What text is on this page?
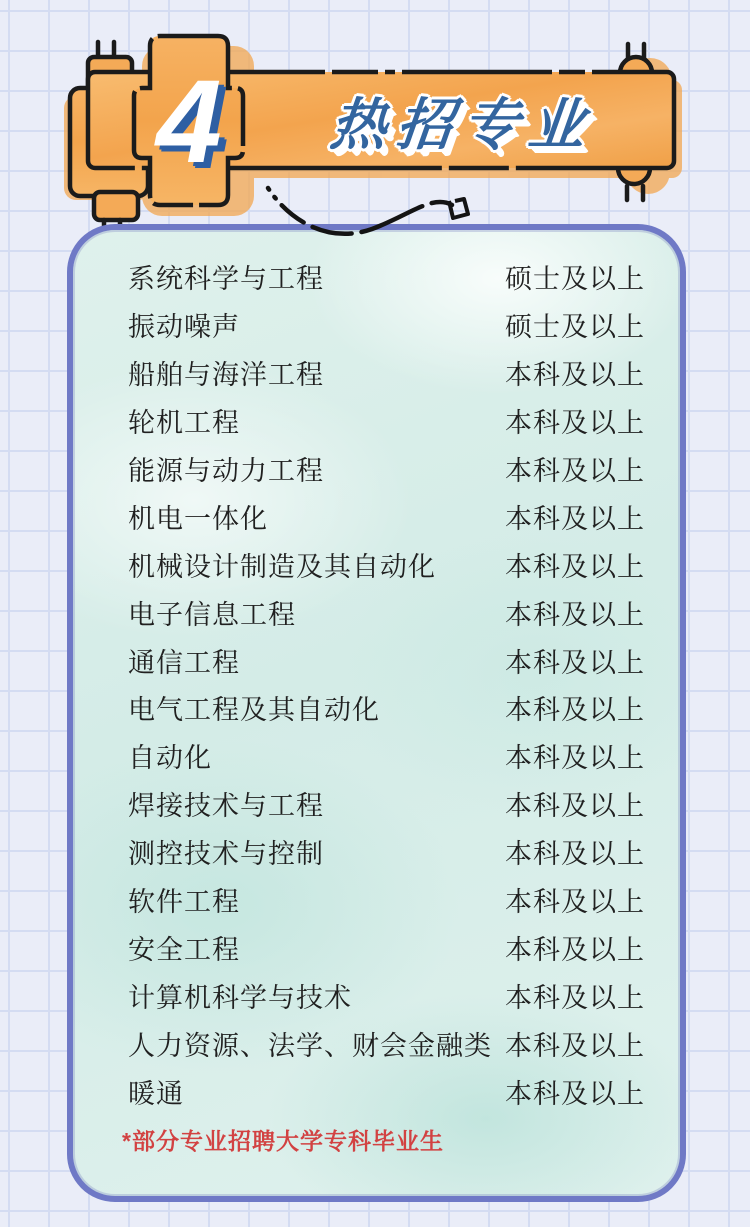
4	热招专业
系统科学与工程	硕士及以上
振动噪声	硕士及以上
船舶与海洋工程	本科及以上
轮机工程	本科及以上
能源与动力工程	本科及以上
机电一体化	本科及以上
机械设计制造及其自动化	本科及以上
电子信息工程	本科及以上
通信工程	本科及以上
电气工程及其自动化	本科及以上
自动化	本科及以上
焊接技术与工程	本科及以上
测控技术与控制	本科及以上
软件工程	本科及以上
安全工程	本科及以上
计算机科学与技术	本科及以上
人力资源、法学、财会金融类 本科及以上
暖通	本科及以上
*部分专业招聘大学专科毕业生
